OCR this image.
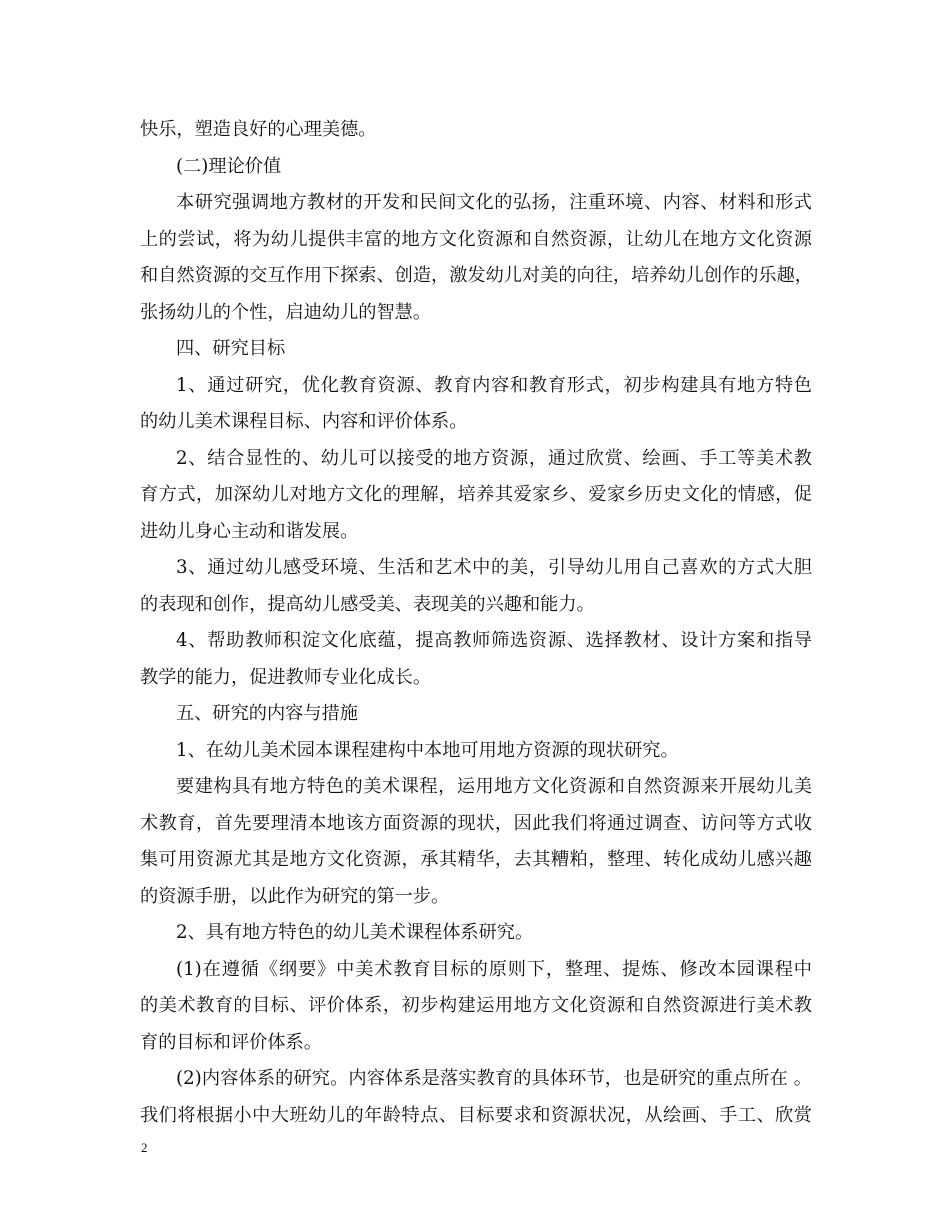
快乐，塑造良好的心理美德。

(二)理论价值

本研究强调地方教材的开发和民间文化的弘扬，注重环境、内容、材料和形式

上的尝试，将为幼儿提供丰富的地方文化资源和自然资源，让幼儿在地方文化资源

和自然资源的交互作用下探索、创造，激发幼儿对美的向往，培养幼儿创作的乐趣，

张扬幼儿的个性，启迪幼儿的智慧。

四、研究目标

1、通过研究，优化教育资源、教育内容和教育形式，初步构建具有地方特色

的幼儿美术课程目标、内容和评价体系。

2、结合显性的、幼儿可以接受的地方资源，通过欣赏、绘画、手工等美术教

育方式，加深幼儿对地方文化的理解，培养其爱家乡、爱家乡历史文化的情感，促

进幼儿身心主动和谐发展。

3、通过幼儿感受环境、生活和艺术中的美，引导幼儿用自己喜欢的方式大胆

的表现和创作，提高幼儿感受美、表现美的兴趣和能力。

4、帮助教师积淀文化底蕴，提高教师筛选资源、选择教材、设计方案和指导

教学的能力，促进教师专业化成长。

五、研究的内容与措施

1、在幼儿美术园本课程建构中本地可用地方资源的现状研究。

要建构具有地方特色的美术课程，运用地方文化资源和自然资源来开展幼儿美

术教育，首先要理清本地该方面资源的现状，因此我们将通过调查、访问等方式收

集可用资源尤其是地方文化资源，承其精华，去其糟粕，整理、转化成幼儿感兴趣

的资源手册，以此作为研究的第一步。

2、具有地方特色的幼儿美术课程体系研究。

(1)在遵循《纲要》中美术教育目标的原则下，整理、提炼、修改本园课程中

的美术教育的目标、评价体系，初步构建运用地方文化资源和自然资源进行美术教

育的目标和评价体系。

(2)内容体系的研究。内容体系是落实教育的具体环节，也是研究的重点所在 。

我们将根据小中大班幼儿的年龄特点、目标要求和资源状况，从绘画、手工、欣赏

2
